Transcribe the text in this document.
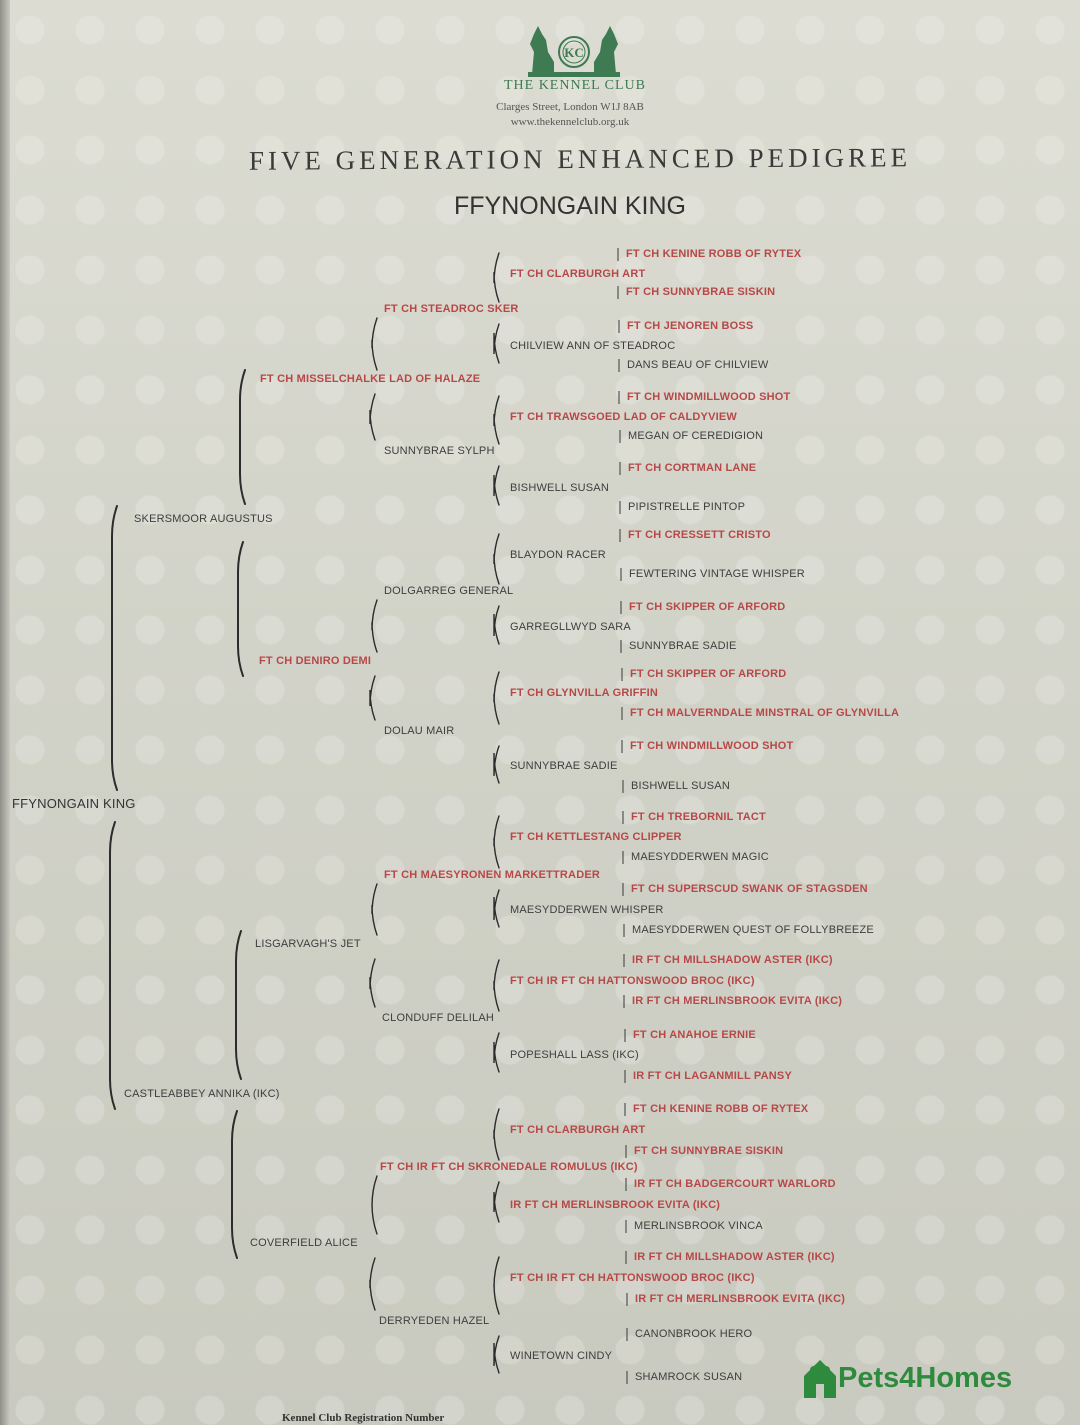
KC
THE KENNEL CLUB
Clarges Street, London W1J 8AB
www.thekennelclub.org.uk
FIVE GENERATION ENHANCED PEDIGREE
FFYNONGAIN KING
FFYNONGAIN KING
SKERSMOOR AUGUSTUS
CASTLEABBEY ANNIKA (IKC)
FT CH MISSELCHALKE LAD OF HALAZE
FT CH DENIRO DEMI
LISGARVAGH'S JET
COVERFIELD ALICE
FT CH STEADROC SKER
SUNNYBRAE SYLPH
DOLGARREG GENERAL
DOLAU MAIR
FT CH MAESYRONEN MARKETTRADER
CLONDUFF DELILAH
FT CH IR FT CH SKRONEDALE ROMULUS (IKC)
DERRYEDEN HAZEL
FT CH CLARBURGH ART
CHILVIEW ANN OF STEADROC
FT CH TRAWSGOED LAD OF CALDYVIEW
BISHWELL SUSAN
BLAYDON RACER
GARREGLLWYD SARA
FT CH GLYNVILLA GRIFFIN
SUNNYBRAE SADIE
FT CH KETTLESTANG CLIPPER
MAESYDDERWEN WHISPER
FT CH IR FT CH HATTONSWOOD BROC (IKC)
POPESHALL LASS (IKC)
FT CH CLARBURGH ART
IR FT CH MERLINSBROOK EVITA (IKC)
FT CH IR FT CH HATTONSWOOD BROC (IKC)
WINETOWN CINDY
FT CH KENINE ROBB OF RYTEX
FT CH SUNNYBRAE SISKIN
FT CH JENOREN BOSS
DANS BEAU OF CHILVIEW
FT CH WINDMILLWOOD SHOT
MEGAN OF CEREDIGION
FT CH CORTMAN LANE
PIPISTRELLE PINTOP
FT CH CRESSETT CRISTO
FEWTERING VINTAGE WHISPER
FT CH SKIPPER OF ARFORD
SUNNYBRAE SADIE
FT CH SKIPPER OF ARFORD
FT CH MALVERNDALE MINSTRAL OF GLYNVILLA
FT CH WINDMILLWOOD SHOT
BISHWELL SUSAN
FT CH TREBORNIL TACT
MAESYDDERWEN MAGIC
FT CH SUPERSCUD SWANK OF STAGSDEN
MAESYDDERWEN QUEST OF FOLLYBREEZE
IR FT CH MILLSHADOW ASTER (IKC)
IR FT CH MERLINSBROOK EVITA (IKC)
FT CH ANAHOE ERNIE
IR FT CH LAGANMILL PANSY
FT CH KENINE ROBB OF RYTEX
FT CH SUNNYBRAE SISKIN
IR FT CH BADGERCOURT WARLORD
MERLINSBROOK VINCA
IR FT CH MILLSHADOW ASTER (IKC)
IR FT CH MERLINSBROOK EVITA (IKC)
CANONBROOK HERO
SHAMROCK SUSAN
Kennel Club Registration Number
Pets4Homes
